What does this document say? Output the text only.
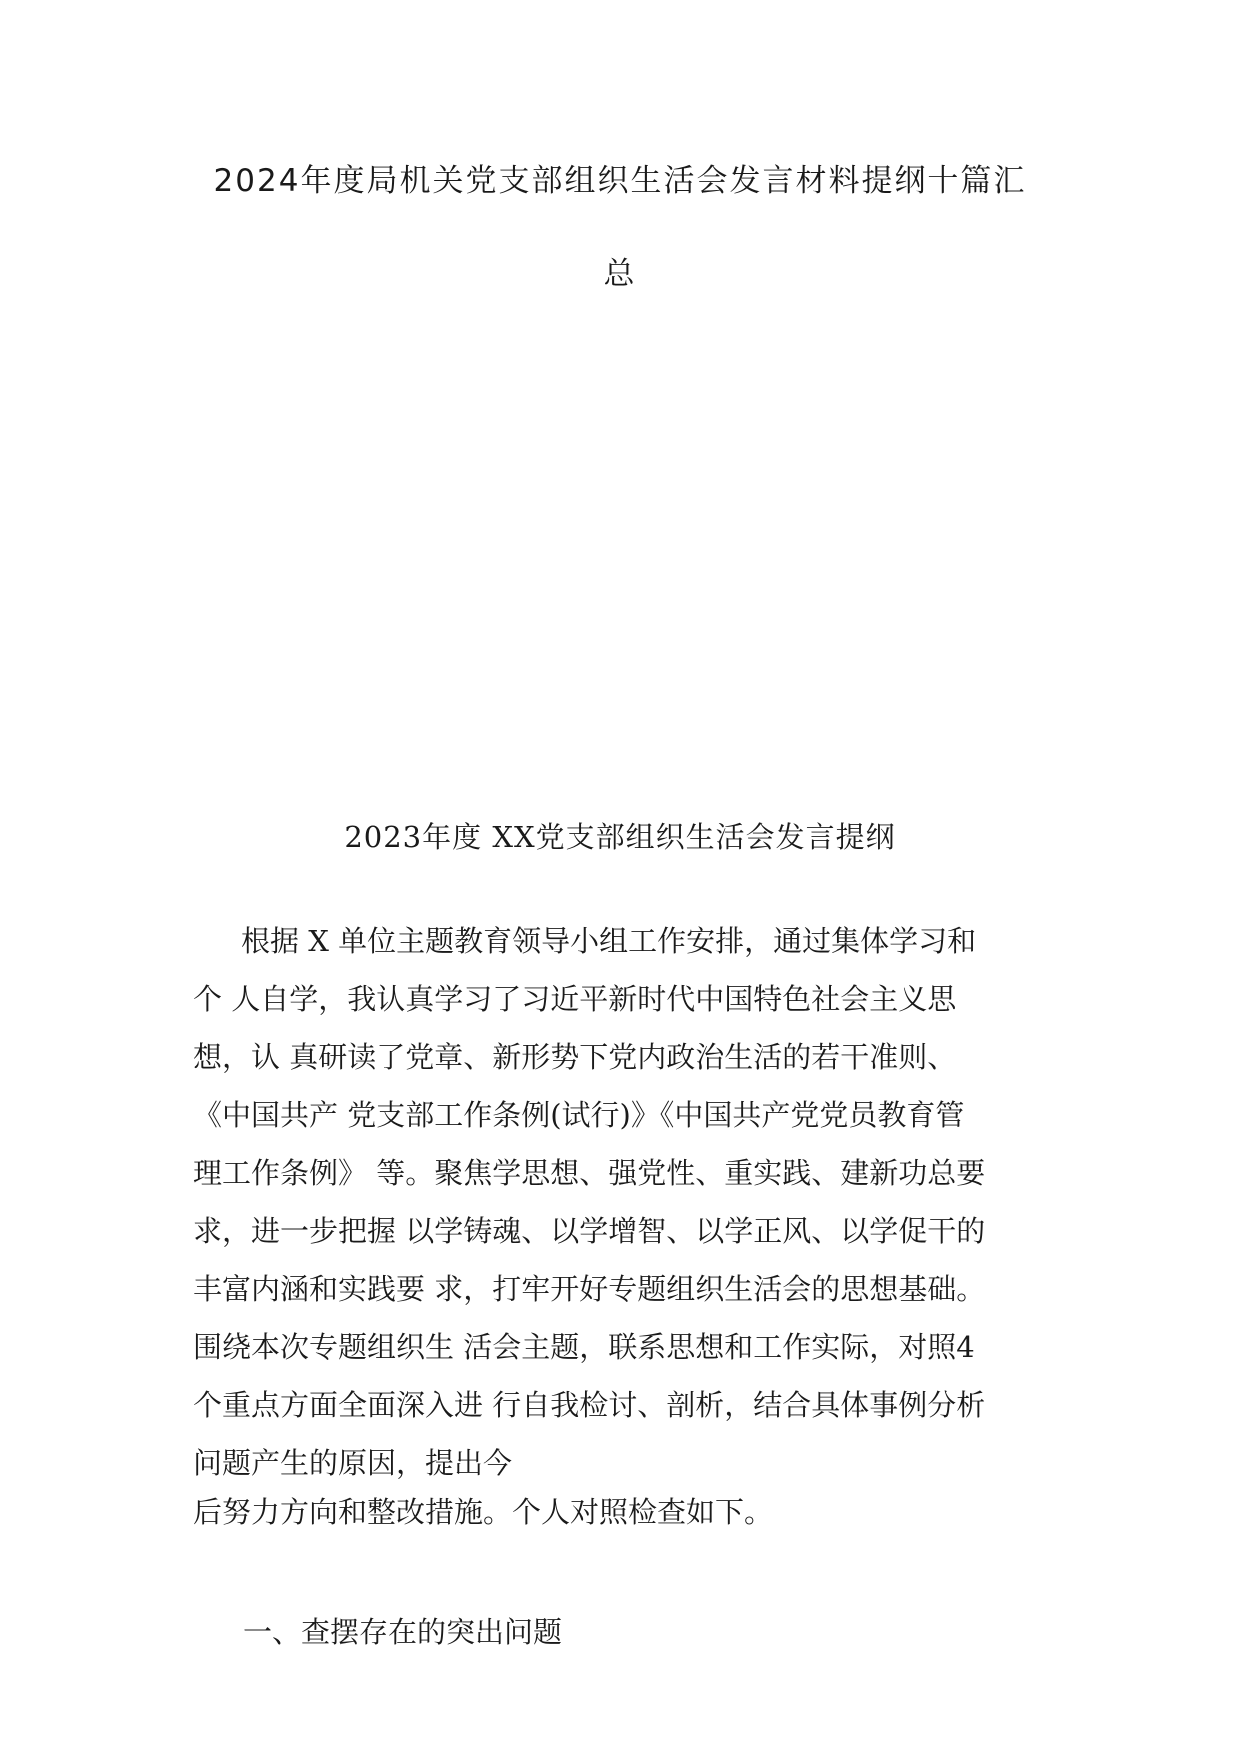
2024年度局机关党支部组织生活会发言材料提纲十篇汇
总
2023年度 XX党支部组织生活会发言提纲
根据 X 单位主题教育领导小组工作安排，通过集体学习和
个 人自学，我认真学习了习近平新时代中国特色社会主义思
想，认 真研读了党章、新形势下党内政治生活的若干准则、
《中国共产 党支部工作条例(试行)》《中国共产党党员教育管
理工作条例》 等。聚焦学思想、强党性、重实践、建新功总要
求，进一步把握 以学铸魂、以学增智、以学正风、以学促干的
丰富内涵和实践要 求，打牢开好专题组织生活会的思想基础。
围绕本次专题组织生 活会主题，联系思想和工作实际，对照4
个重点方面全面深入进 行自我检讨、剖析，结合具体事例分析
问题产生的原因，提出今

后努力方向和整改措施。个人对照检查如下。

一、查摆存在的突出问题
